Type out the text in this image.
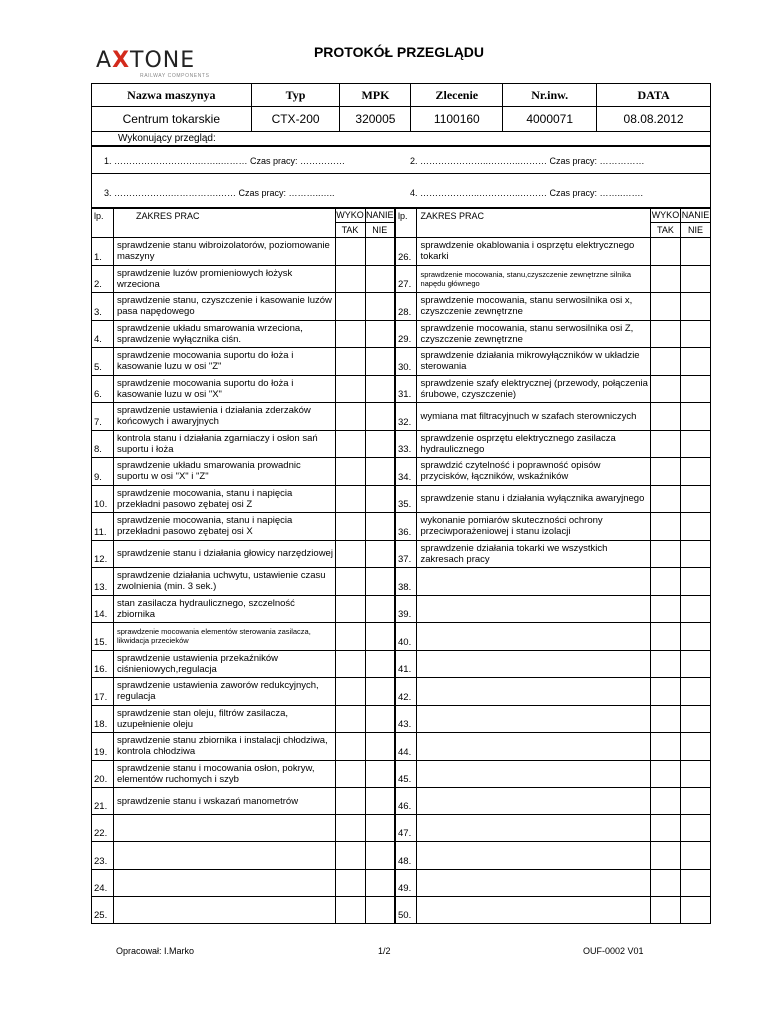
AXTONE
RAILWAY COMPONENTS
PROTOKÓŁ PRZEGLĄDU
Nazwa maszynya	Typ	MPK	Zlecenie	Nr.inw.	DATA
Centrum tokarskie	CTX-200	320005	1100160	4000071	08.08.2012
Wykonujący przegląd:
1. ……………………….……..……… Czas pracy: ……………	2. …………………..………..……… Czas pracy: ……………
3. ……………….…………….…… Czas pracy: ………..…..	4. ………………..…………..……… Czas pracy: ……..…….
lp.	ZAKRES PRAC	WYKO	NANIE	lp.	ZAKRES PRAC	WYKO	NANIE
		TAK	NIE			TAK	NIE
1.	sprawdzenie stanu wibroizolatorów, poziomowanie maszyny			26.	sprawdzenie okablowania i osprzętu elektrycznego tokarki		
2.	sprawdzenie luzów promieniowych łożysk wrzeciona			27.	sprawdzenie mocowania, stanu,czyszczenie zewnętrzne silnika napędu głównego		
3.	sprawdzenie stanu, czyszczenie i kasowanie luzów pasa napędowego			28.	sprawdzenie mocowania, stanu serwosilnika osi x, czyszczenie zewnętrzne		
4.	sprawdzenie układu smarowania wrzeciona, sprawdzenie wyłącznika ciśn.			29.	sprawdzenie mocowania, stanu serwosilnika osi Z, czyszczenie zewnętrzne		
5.	sprawdzenie mocowania suportu do łoża i kasowanie luzu w osi "Z"			30.	sprawdzenie działania mikrowyłączników w układzie sterowania		
6.	sprawdzenie mocowania suportu do łoża i kasowanie luzu w osi "X"			31.	sprawdzenie szafy elektrycznej (przewody, połączenia śrubowe, czyszczenie)		
7.	sprawdzenie ustawienia i działania zderzaków końcowych i awaryjnych			32.	wymiana mat filtracyjnuch w szafach sterowniczych		
8.	kontrola stanu i działania zgarniaczy i osłon sań suportu i łoża			33.	sprawdzenie osprzętu elektrycznego zasilacza hydraulicznego		
9.	sprawdzenie układu smarowania prowadnic suportu w osi "X" i "Z"			34.	sprawdzić czytelność i poprawność opisów przycisków, łączników, wskaźników		
10.	sprawdzenie mocowania, stanu i napięcia przekładni pasowo zębatej osi Z			35.	sprawdzenie stanu i działania wyłącznika awaryjnego		
11.	sprawdzenie mocowania, stanu i napięcia przekładni pasowo zębatej osi X			36.	wykonanie pomiarów skuteczności ochrony przeciwporażeniowej i stanu izolacji		
12.	sprawdzenie stanu i działania głowicy narzędziowej			37.	sprawdzenie działania tokarki we wszystkich zakresach pracy		
13.	sprawdzenie działania uchwytu, ustawienie czasu zwolnienia (min. 3 sek.)			38.			
14.	stan zasilacza hydraulicznego, szczelność zbiornika			39.			
15.	sprawdzenie mocowania elementów sterowania zasilacza, likwidacja przecieków			40.			
16.	sprawdzenie ustawienia przekaźników ciśnieniowych,regulacja			41.			
17.	sprawdzenie ustawienia zaworów redukcyjnych, regulacja			42.			
18.	sprawdzenie stan oleju, filtrów zasilacza, uzupełnienie oleju			43.			
19.	sprawdzenie stanu zbiornika i instalacji chłodziwa, kontrola chłodziwa			44.			
20.	sprawdzenie stanu i mocowania osłon, pokryw, elementów ruchomych i szyb			45.			
21.	sprawdzenie stanu i wskazań manometrów			46.			
22.				47.			
23.				48.			
24.				49.			
25.				50.			
Opracował: I.Marko	1/2	OUF-0002 V01
